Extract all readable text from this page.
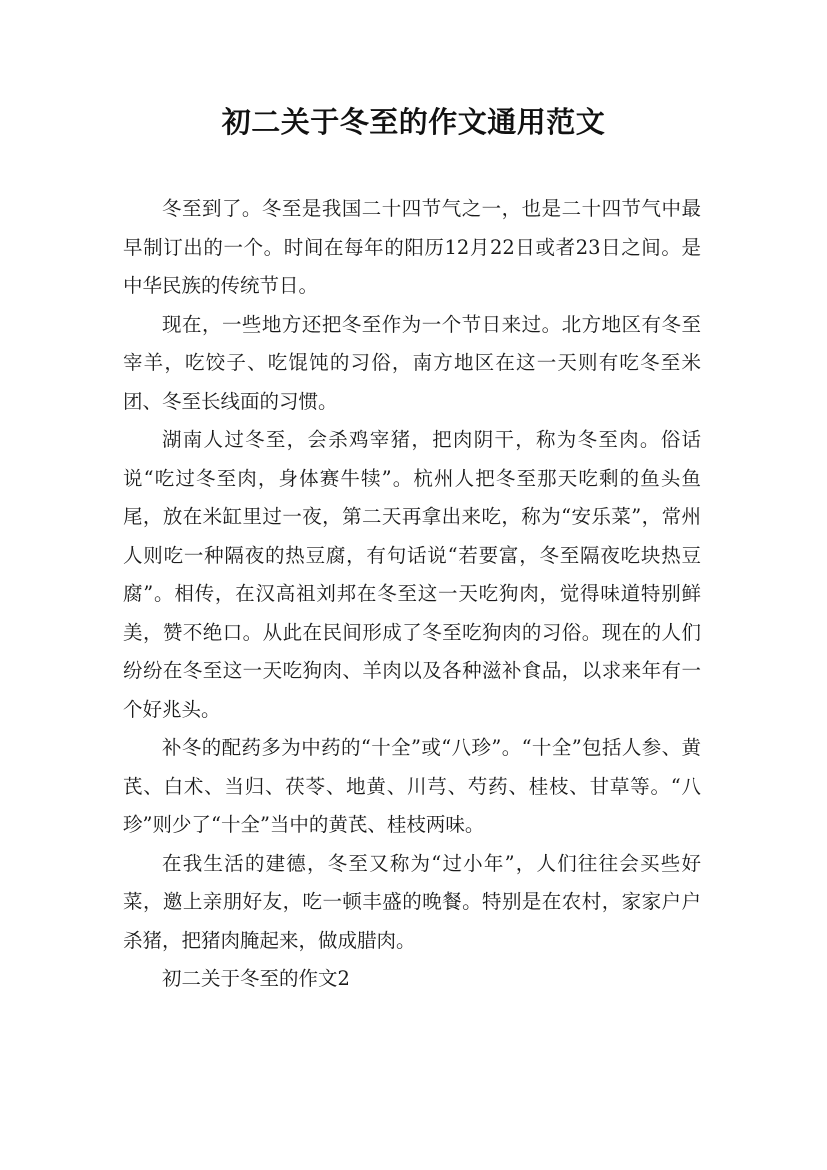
初二关于冬至的作文通用范文

冬至到了。冬至是我国二十四节气之一，也是二十四节气中最早制订出的一个。时间在每年的阳历12月22日或者23日之间。是中华民族的传统节日。

现在，一些地方还把冬至作为一个节日来过。北方地区有冬至宰羊，吃饺子、吃馄饨的习俗，南方地区在这一天则有吃冬至米团、冬至长线面的习惯。

湖南人过冬至，会杀鸡宰猪，把肉阴干，称为冬至肉。俗话说“吃过冬至肉，身体赛牛犊”。杭州人把冬至那天吃剩的鱼头鱼尾，放在米缸里过一夜，第二天再拿出来吃，称为“安乐菜”，常州人则吃一种隔夜的热豆腐，有句话说“若要富，冬至隔夜吃块热豆腐”。相传，在汉高祖刘邦在冬至这一天吃狗肉，觉得味道特别鲜美，赞不绝口。从此在民间形成了冬至吃狗肉的习俗。现在的人们纷纷在冬至这一天吃狗肉、羊肉以及各种滋补食品，以求来年有一个好兆头。

补冬的配药多为中药的“十全”或“八珍”。“十全”包括人参、黄芪、白术、当归、茯苓、地黄、川芎、芍药、桂枝、甘草等。“八珍”则少了“十全”当中的黄芪、桂枝两味。

在我生活的建德，冬至又称为“过小年”，人们往往会买些好菜，邀上亲朋好友，吃一顿丰盛的晚餐。特别是在农村，家家户户杀猪，把猪肉腌起来，做成腊肉。

初二关于冬至的作文2
